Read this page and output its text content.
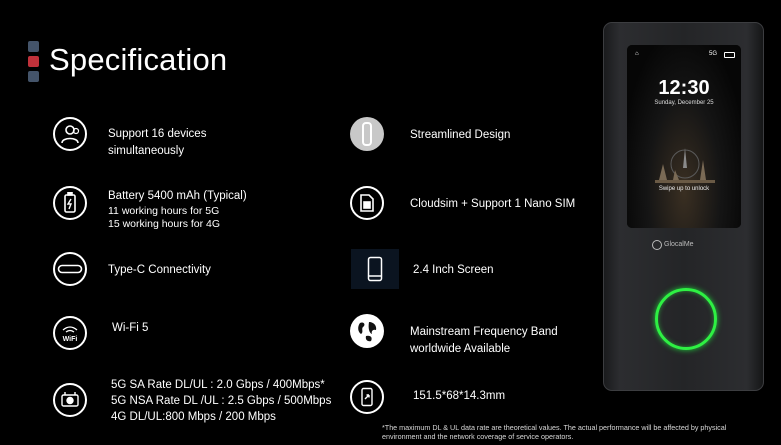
Specification
Support 16 devices
simultaneously
Battery 5400 mAh (Typical)
11 working hours for 5G
15 working hours for 4G
Type-C Connectivity
WiFi
Wi-Fi 5
5G SA Rate DL/UL : 2.0 Gbps / 400Mbps*
5G NSA Rate DL /UL : 2.5 Gbps / 500Mbps
4G DL/UL:800 Mbps / 200 Mbps
Streamlined Design
Cloudsim + Support 1 Nano SIM
2.4 Inch Screen
Mainstream Frequency Band
worldwide Available
151.5*68*14.3mm
*The maximum DL & UL data rate are theoretical values. The actual performance will be affected by physical environment and the network coverage of service operators.
⌂	5G
12:30
Sunday, December 25
Swipe up to unlock
GlocalMe
